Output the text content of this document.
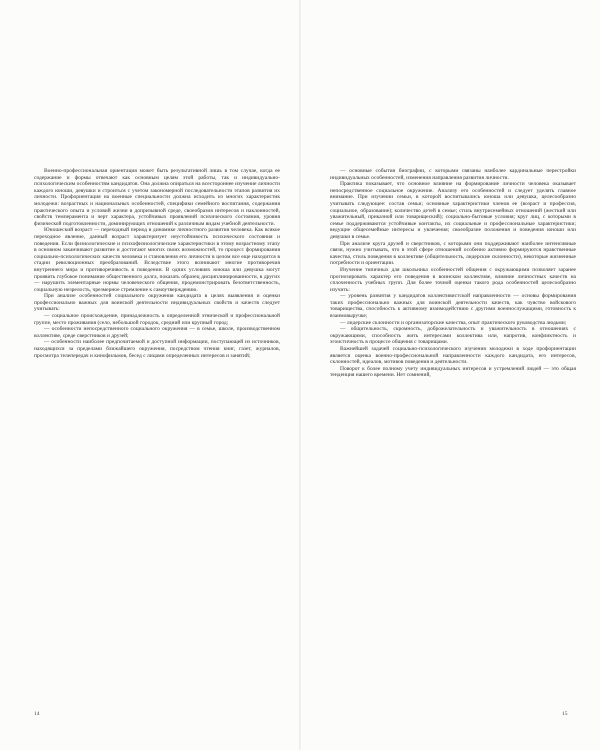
Военно-профессиональная ориентация может быть результативной лишь в том случае, когда ее содержание и формы отвечают как основным целям этой работы, так и индивидуально-психологическим особенностям кандидатов. Она должна опираться на всестороннее изучение личности каждого юноши, девушки и строиться с учетом закономерной последовательности этапов развития их личности. Профориентация на военные специальности должна исходить из многих характеристик молодежи: возрастных и национальных особенностей, специфики семейного воспитания, содержания практического опыта и условий жизни в допризывной среде, своеобразия интересов и наклонностей, свойств темперамента и черт характера, устойчивых проявлений психического состояния, уровня физической подготовленности, доминирующих отношений к различным видам учебной деятельности.

Юношеский возраст — переходный период в динамике личностного развития человека. Как всякое переходное явление, данный возраст характеризует неустойчивость психического состояния и поведения. Если физиологические и психофизиологические характеристики в этому возрастному этапу в основном заканчивают развитие и достигают многих своих возможностей, то процесс формирования социально-психологических качеств человека и становления его личности в целом все еще находится в стадии революционных преобразований. Вследствие этого возникают многие противоречия внутреннего мира и противоречивость в поведении. В одних условиях юноша или девушка могут проявить глубокое понимание общественного долга, показать образец дисциплинированности, в других — нарушить элементарные нормы человеческого общения, продемонстрировать безответственность, социальную незрелость, чрезмерное стремление к самоутверждению.

При анализе особенностей социального окружения кандидата в целях выявления и оценки профессионально важных для воинской деятельности индивидуальных свойств и качеств следует учитывать:

— социальное происхождение, принадлежность к определенной этнической и профессиональной группе, место проживания (село, небольшой городок, средний или крупный город;

— особенности непосредственного социального окружения — в семье, школе, производственном коллективе, среде сверстников и друзей;

— особенности наиболее предпочитаемой и доступной информации, поступающей из источников, находящихся за пределами ближайшего окружения, посредством чтения книг, газет, журналов, просмотра телепередач и кинофильмов, бесед с лицами определенных интересов и занятий;

14

— основные события биографии, с которыми связаны наиболее кардинальные перестройки индивидуальных особенностей, изменения направления развития личности.

Практика показывает, что основное влияние на формирование личности человека оказывает непосредственное социальное окружение. Анализу его особенностей и следует уделять главное внимание. При изучении семьи, в которой воспитывались юноша или девушка, целесообразно учитывать следующее: состав семьи; основные характеристики членов ее (возраст и профессия, социальное, образование); количество детей в семье; стиль внутрисемейных отношений (жесткий или уважительный, приказной или товарищеский); социально-бытовые условия; круг лиц, с которыми в семье поддерживаются устойчивые контакты, их социальные и профессиональные характеристики; ведущие общесемейные интересы и увлечения; своеобразие положения и поведения юноши или девушки в семье.

При анализе круга друзей и сверстников, с которыми они поддерживают наиболее интенсивные связи, нужно учитывать, что в этой сфере отношений особенно активно формируются нравственные качества, стиль поведения в коллективе (общительность, лидерские склонности), некоторые жизненные потребности и ориентации.

Изучение типичных для школьника особенностей общения с окружающими позволяет заранее прогнозировать характер его поведения в воинском коллективе, влияние личностных качеств на сплоченность учебных групп. Для более точной оценки такого рода особенностей целесообразно изучить:

— уровень развития у кандидатов коллективистской направленности — основы формирования таких профессионально важных для воинской деятельности качеств, как чувство войскового товарищества, способность к активному взаимодействию с другими военнослужащими, готовность к взаимовыручке;

— лидерские склонности и организаторские качества, опыт практического руководства людьми;

— общительность, скромность, доброжелательность и уважительность в отношениях с окружающими, способность жить интересами коллектива или, напротив, конфликтность и эгоистичность в процессе общения с товарищами.

Важнейшей задачей социально-психологического изучения молодежи в ходе профориентации является оценка военно-профессиональной направленности каждого кандидата, его интересов, склонностей, идеалов, мотивов поведения и деятельности.

Поворот к более полному учету индивидуальных интересов и устремлений людей — это общая тенденция нашего времени. Нет сомнений,

15
